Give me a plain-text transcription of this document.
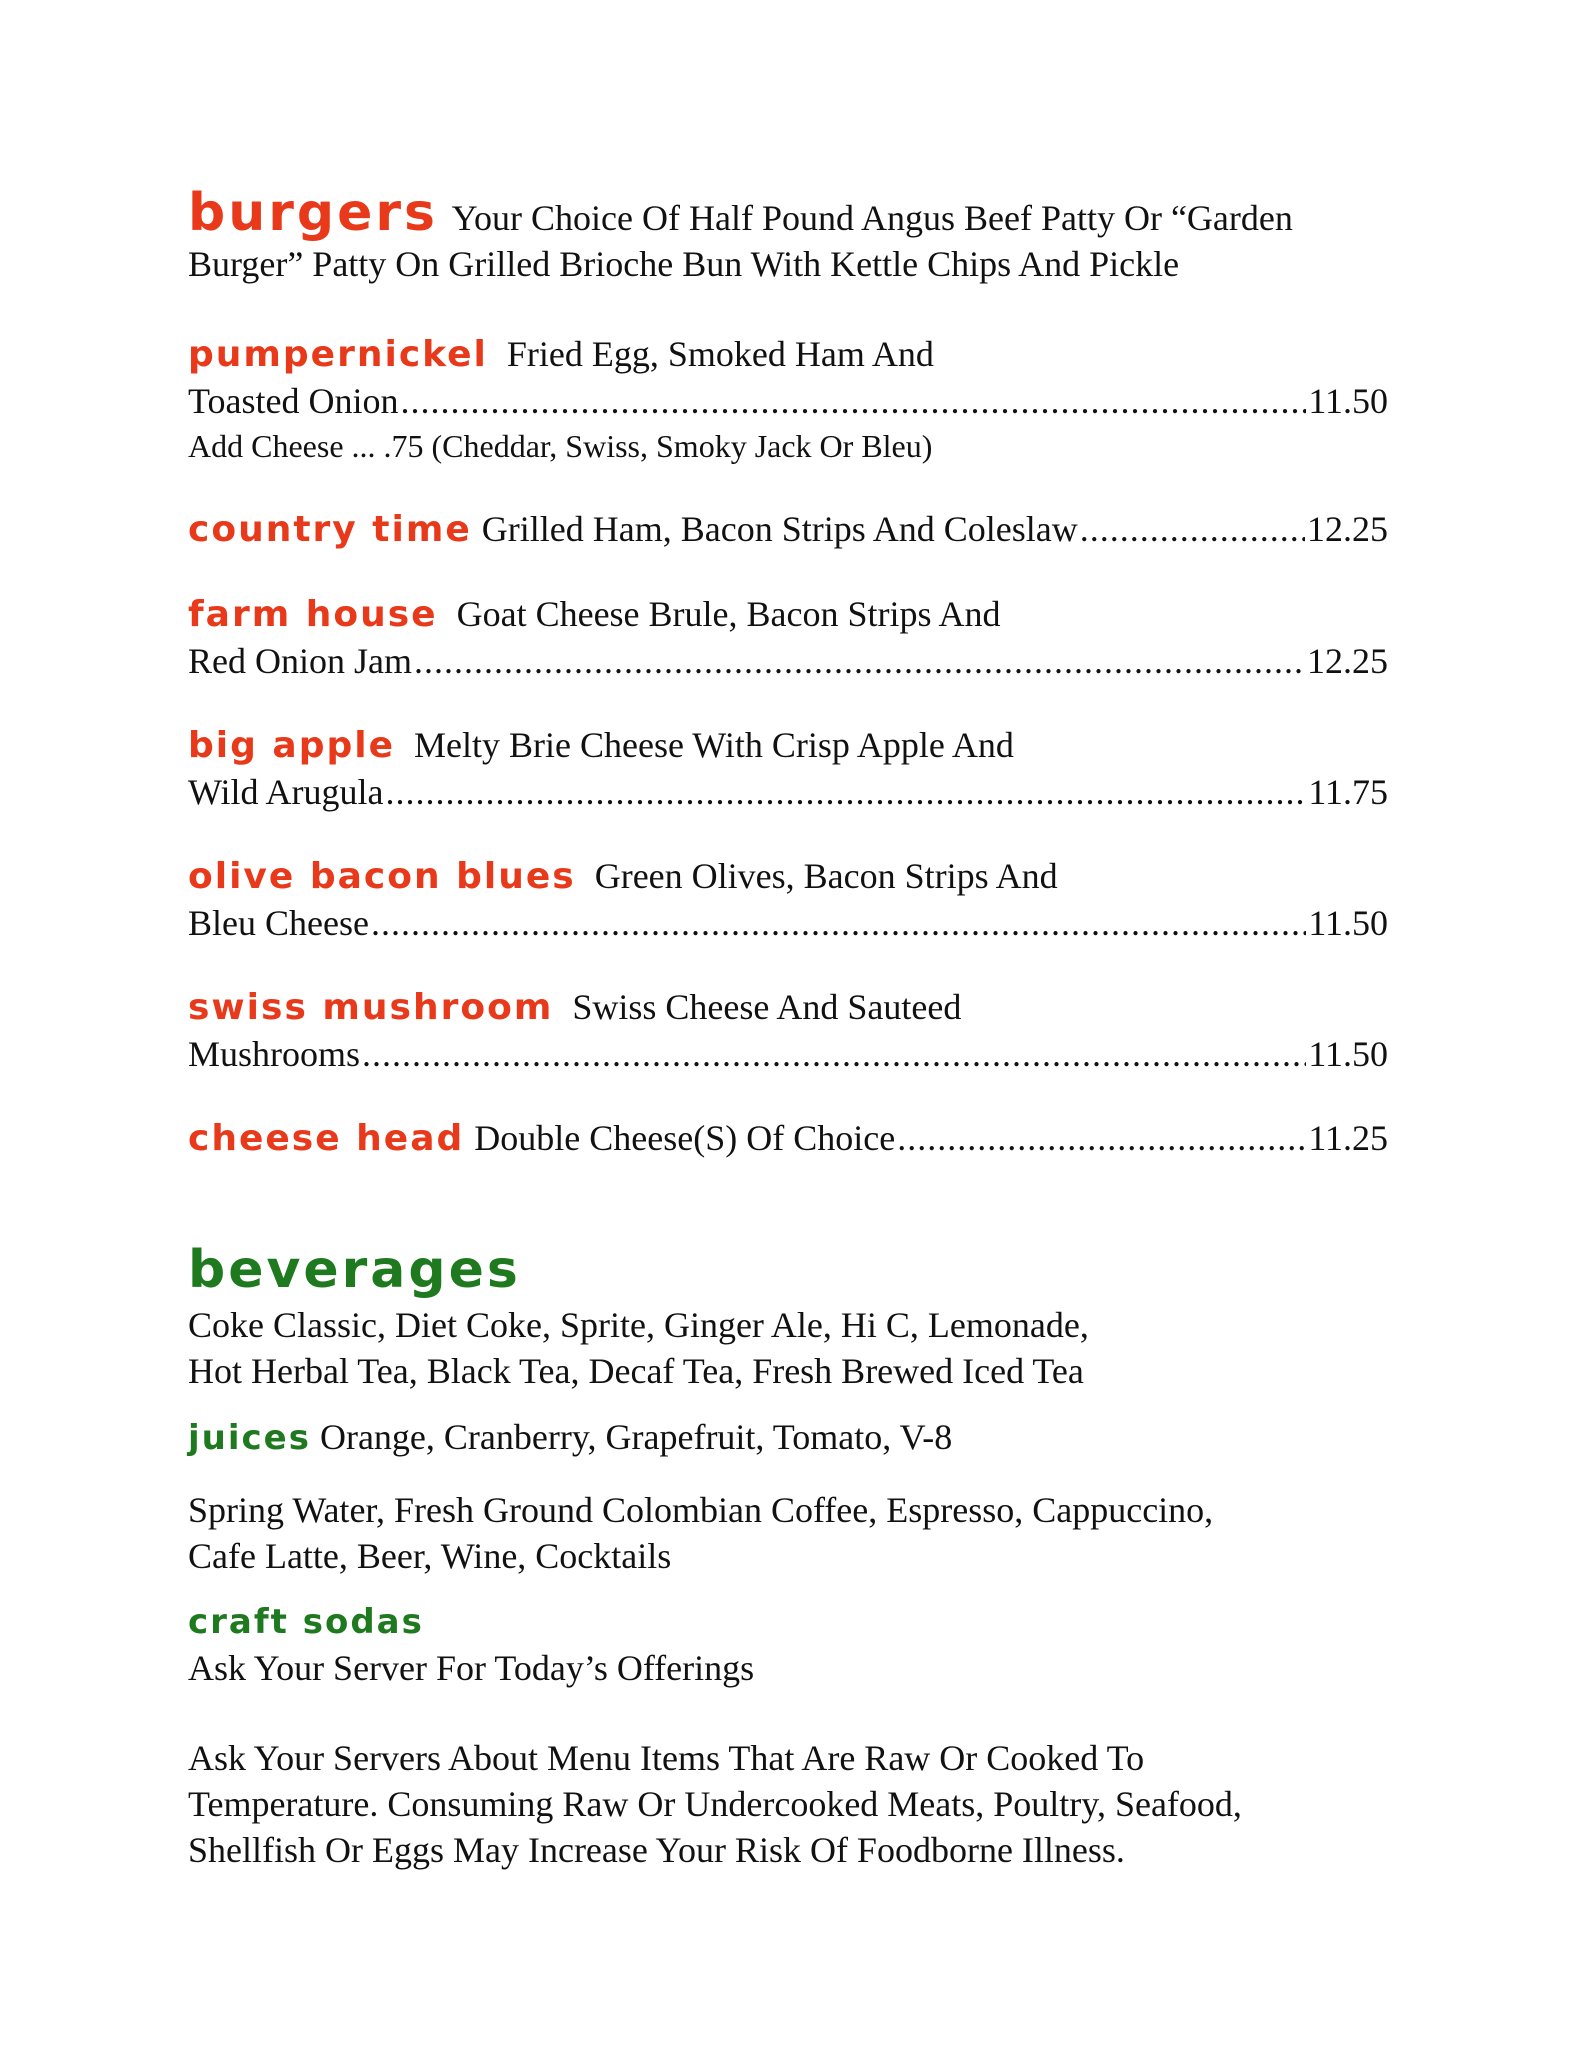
burgers Your Choice Of Half Pound Angus Beef Patty Or “Garden Burger” Patty On Grilled Brioche Bun With Kettle Chips And Pickle
pumpernickel Fried Egg, Smoked Ham And
Toasted Onion .....	11.50
Add Cheese ... .75 (Cheddar, Swiss, Smoky Jack Or Bleu)
country time Grilled Ham, Bacon Strips And Coleslaw .....	12.25
farm house Goat Cheese Brule, Bacon Strips And
Red Onion Jam .....	12.25
big apple Melty Brie Cheese With Crisp Apple And
Wild Arugula .....	11.75
olive bacon blues Green Olives, Bacon Strips And
Bleu Cheese .....	11.50
swiss mushroom Swiss Cheese And Sauteed
Mushrooms .....	11.50
cheese head Double Cheese(S) Of Choice .....	11.25
beverages
Coke Classic, Diet Coke, Sprite, Ginger Ale, Hi C, Lemonade,
Hot Herbal Tea, Black Tea, Decaf Tea, Fresh Brewed Iced Tea
juices Orange, Cranberry, Grapefruit, Tomato, V-8
Spring Water, Fresh Ground Colombian Coffee, Espresso, Cappuccino,
Cafe Latte, Beer, Wine, Cocktails
craft sodas
Ask Your Server For Today’s Offerings
Ask Your Servers About Menu Items That Are Raw Or Cooked To
Temperature. Consuming Raw Or Undercooked Meats, Poultry, Seafood,
Shellfish Or Eggs May Increase Your Risk Of Foodborne Illness.
